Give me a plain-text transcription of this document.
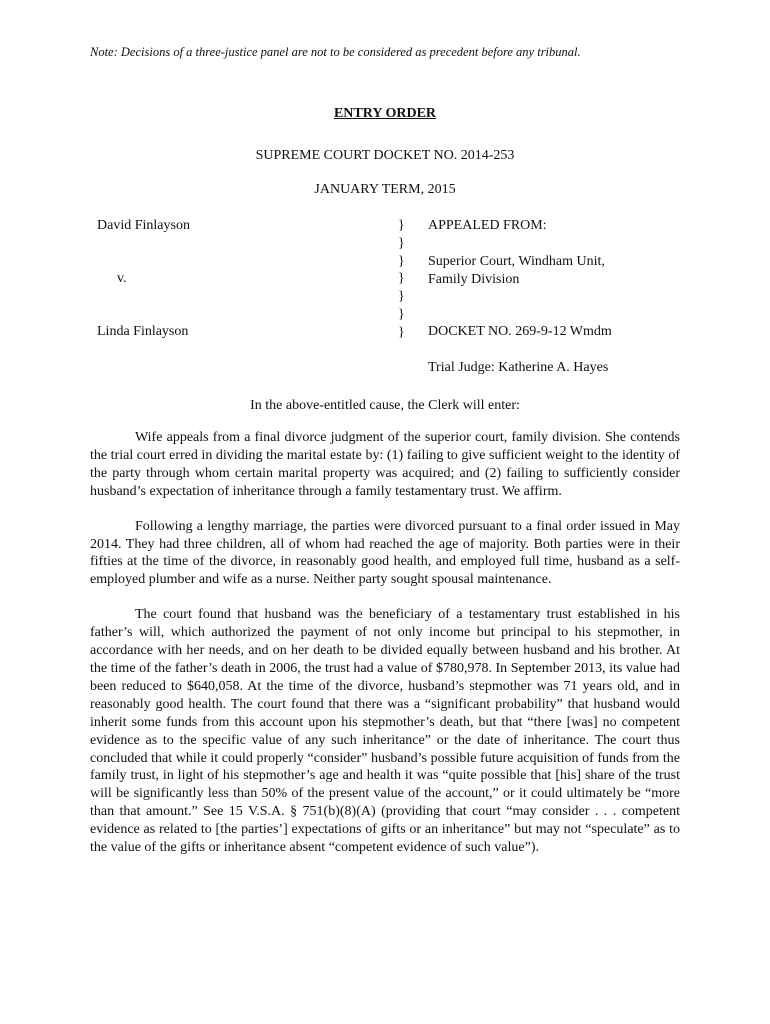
Note: Decisions of a three-justice panel are not to be considered as precedent before any tribunal.
ENTRY ORDER
SUPREME COURT DOCKET NO. 2014-253
JANUARY TERM, 2015
David Finlayson
v.
Linda Finlayson
}
}
}
}
}
}
}
APPEALED FROM:
Superior Court, Windham Unit,
Family Division
DOCKET NO. 269-9-12 Wmdm
Trial Judge: Katherine A. Hayes
In the above-entitled cause, the Clerk will enter:

Wife appeals from a final divorce judgment of the superior court, family division. She contends the trial court erred in dividing the marital estate by: (1) failing to give sufficient weight to the identity of the party through whom certain marital property was acquired; and (2) failing to sufficiently consider husband’s expectation of inheritance through a family testamentary trust. We affirm.

Following a lengthy marriage, the parties were divorced pursuant to a final order issued in May 2014. They had three children, all of whom had reached the age of majority. Both parties were in their fifties at the time of the divorce, in reasonably good health, and employed full time, husband as a self-employed plumber and wife as a nurse. Neither party sought spousal maintenance.

The court found that husband was the beneficiary of a testamentary trust established in his father’s will, which authorized the payment of not only income but principal to his stepmother, in accordance with her needs, and on her death to be divided equally between husband and his brother. At the time of the father’s death in 2006, the trust had a value of $780,978. In September 2013, its value had been reduced to $640,058. At the time of the divorce, husband’s stepmother was 71 years old, and in reasonably good health. The court found that there was a “significant probability” that husband would inherit some funds from this account upon his stepmother’s death, but that “there [was] no competent evidence as to the specific value of any such inheritance” or the date of inheritance. The court thus concluded that while it could properly “consider” husband’s possible future acquisition of funds from the family trust, in light of his stepmother’s age and health it was “quite possible that [his] share of the trust will be significantly less than 50% of the present value of the account,” or it could ultimately be “more than that amount.” See 15 V.S.A. § 751(b)(8)(A) (providing that court “may consider . . . competent evidence as related to [the parties’] expectations of gifts or an inheritance” but may not “speculate” as to the value of the gifts or inheritance absent “competent evidence of such value”).
